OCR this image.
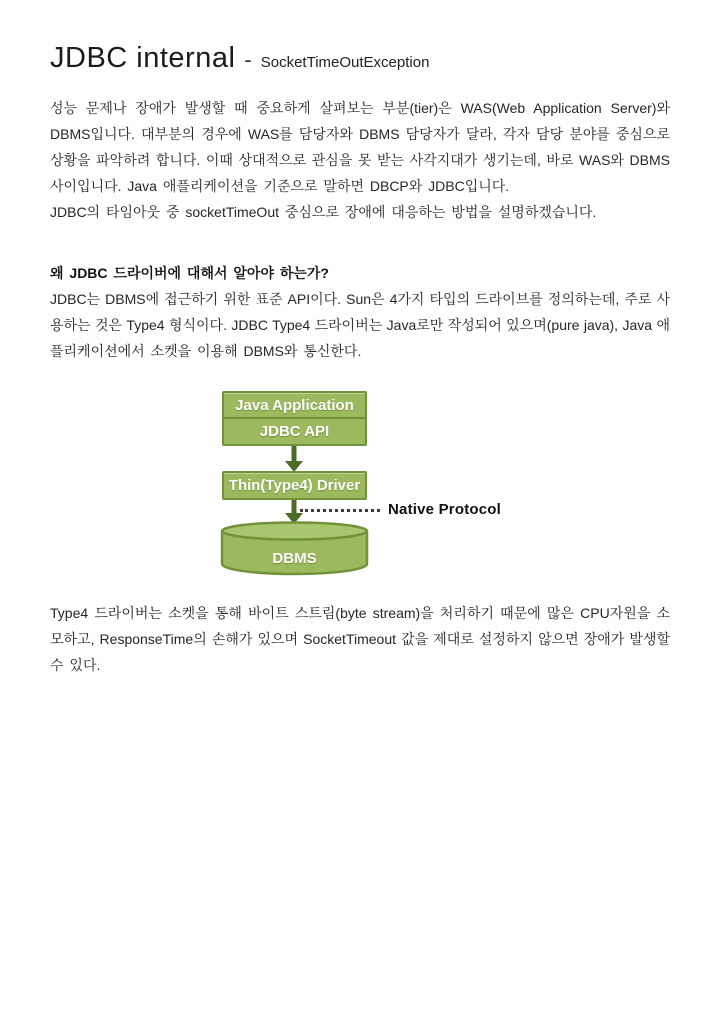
JDBC internal - SocketTimeOutException
성능 문제나 장애가 발생할 때 중요하게 살펴보는 부분(tier)은 WAS(Web Application Server)와
DBMS입니다. 대부분의 경우에 WAS를 담당자와 DBMS 담당자가 달라, 각자 담당 분야를 중심으로
상황을 파악하려 합니다. 이때 상대적으로 관심을 못 받는 사각지대가 생기는데, 바로 WAS와 DBMS
사이입니다. Java 애플리케이션을 기준으로 말하면 DBCP와 JDBC입니다.
JDBC의 타임아웃 중 socketTimeOut 중심으로 장애에 대응하는 방법을 설명하겠습니다.
왜 JDBC 드라이버에 대해서 알아야 하는가?
JDBC는 DBMS에 접근하기 위한 표준 API이다. Sun은 4가지 타입의 드라이브를 정의하는데, 주로 사
용하는 것은 Type4 형식이다. JDBC Type4 드라이버는 Java로만 작성되어 있으며(pure java), Java 애
플리케이션에서 소켓을 이용해 DBMS와 통신한다.
Java Application
JDBC API
Thin(Type4) Driver
Native Protocol
DBMS
Type4 드라이버는 소켓을 통해 바이트 스트림(byte stream)을 처리하기 때문에 많은 CPU자원을 소
모하고, ResponseTime의 손해가 있으며 SocketTimeout 값을 제대로 설정하지 않으면 장애가 발생할
수 있다.
